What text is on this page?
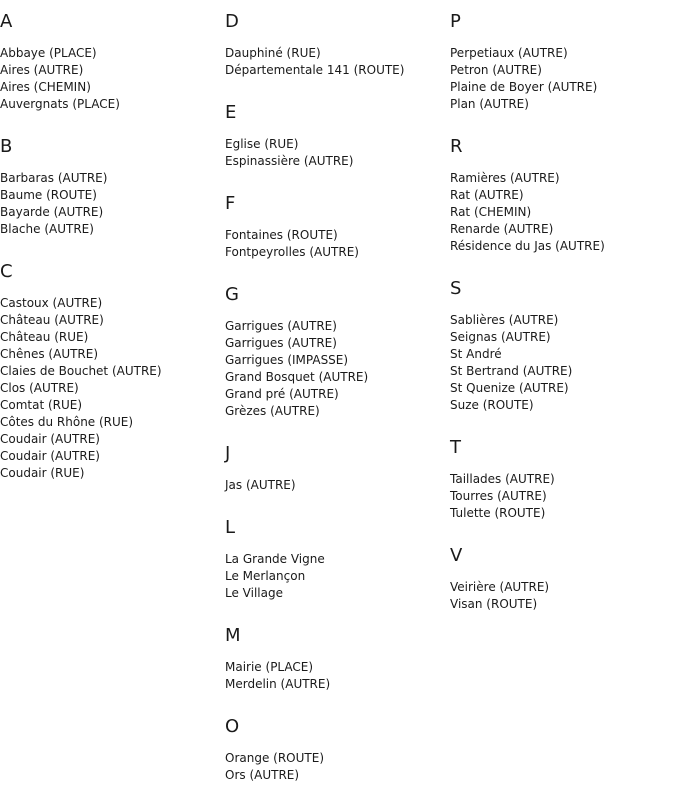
A
Abbaye (PLACE)
Aires (AUTRE)
Aires (CHEMIN)
Auvergnats (PLACE)
B
Barbaras (AUTRE)
Baume (ROUTE)
Bayarde (AUTRE)
Blache (AUTRE)
C
Castoux (AUTRE)
Château (AUTRE)
Château (RUE)
Chênes (AUTRE)
Claies de Bouchet (AUTRE)
Clos (AUTRE)
Comtat (RUE)
Côtes du Rhône (RUE)
Coudair (AUTRE)
Coudair (AUTRE)
Coudair (RUE)
D
Dauphiné (RUE)
Départementale 141 (ROUTE)
E
Eglise (RUE)
Espinassière (AUTRE)
F
Fontaines (ROUTE)
Fontpeyrolles (AUTRE)
G
Garrigues (AUTRE)
Garrigues (AUTRE)
Garrigues (IMPASSE)
Grand Bosquet (AUTRE)
Grand pré (AUTRE)
Grèzes (AUTRE)
J
Jas (AUTRE)
L
La Grande Vigne
Le Merlançon
Le Village
M
Mairie (PLACE)
Merdelin (AUTRE)
O
Orange (ROUTE)
Ors (AUTRE)
P
Perpetiaux (AUTRE)
Petron (AUTRE)
Plaine de Boyer (AUTRE)
Plan (AUTRE)
R
Ramières (AUTRE)
Rat (AUTRE)
Rat (CHEMIN)
Renarde (AUTRE)
Résidence du Jas (AUTRE)
S
Sablières (AUTRE)
Seignas (AUTRE)
St André
St Bertrand (AUTRE)
St Quenize (AUTRE)
Suze (ROUTE)
T
Taillades (AUTRE)
Tourres (AUTRE)
Tulette (ROUTE)
V
Veirière (AUTRE)
Visan (ROUTE)
